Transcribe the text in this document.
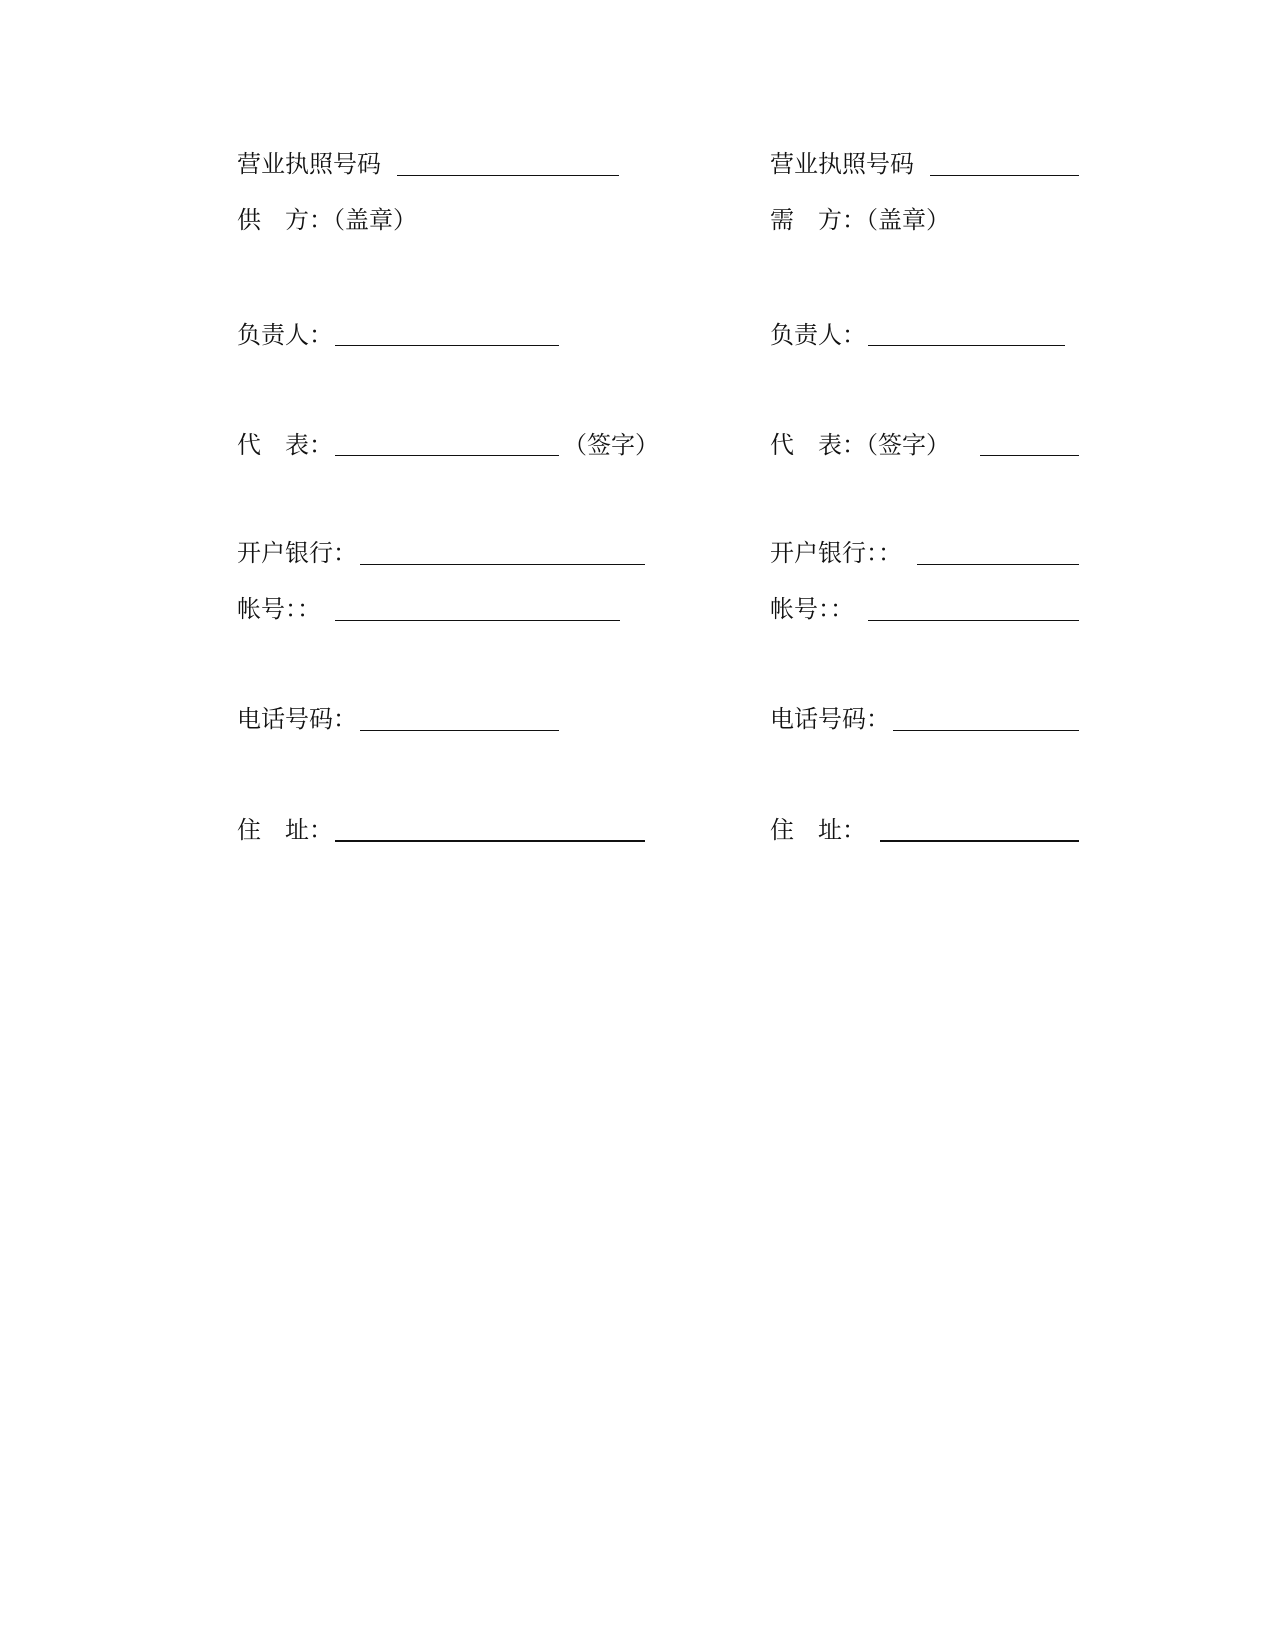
营业执照号码
供　方：（盖章）
负责人：
代　表：	（签字）
开户银行：
帐号：：
电话号码：
住　址：
营业执照号码
需　方：（盖章）
负责人：
代　表：（签字）
开户银行：：
帐号：：
电话号码：
住　址：
